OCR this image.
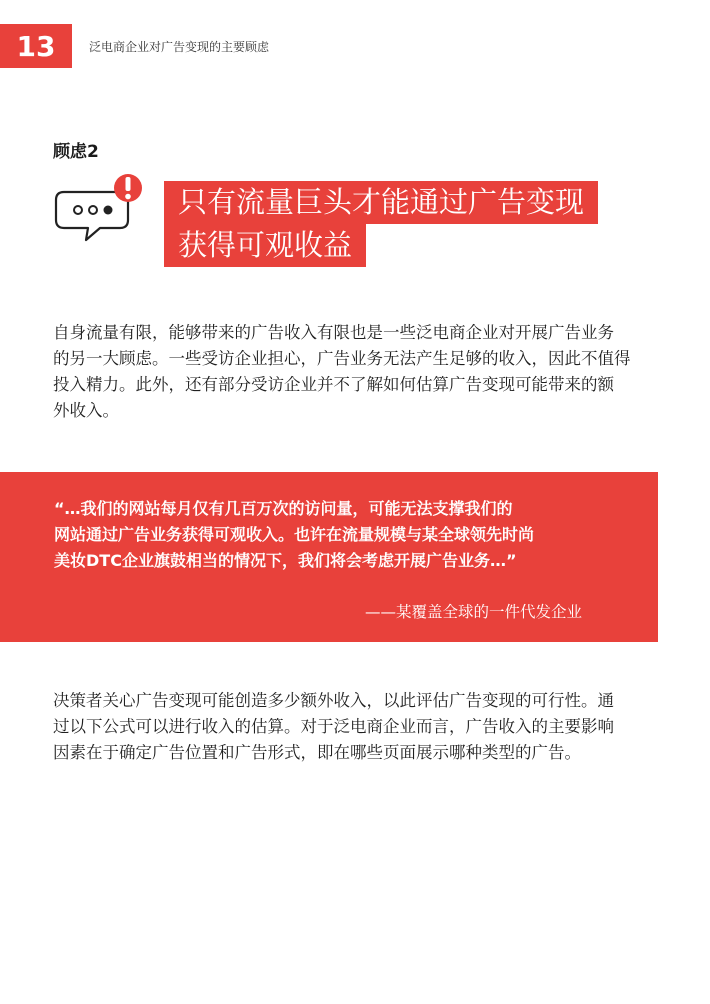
13	泛电商企业对广告变现的主要顾虑
顾虑2
只有流量巨头才能通过广告变现
获得可观收益
自身流量有限，能够带来的广告收入有限也是一些泛电商企业对开展广告业务
的另一大顾虑。一些受访企业担心，广告业务无法产生足够的收入，因此不值得
投入精力。此外，还有部分受访企业并不了解如何估算广告变现可能带来的额
外收入。
“…我们的网站每月仅有几百万次的访问量，可能无法支撑我们的
网站通过广告业务获得可观收入。也许在流量规模与某全球领先时尚
美妆DTC企业旗鼓相当的情况下，我们将会考虑开展广告业务…”
——某覆盖全球的一件代发企业
决策者关心广告变现可能创造多少额外收入，以此评估广告变现的可行性。通
过以下公式可以进行收入的估算。对于泛电商企业而言，广告收入的主要影响
因素在于确定广告位置和广告形式，即在哪些页面展示哪种类型的广告。
